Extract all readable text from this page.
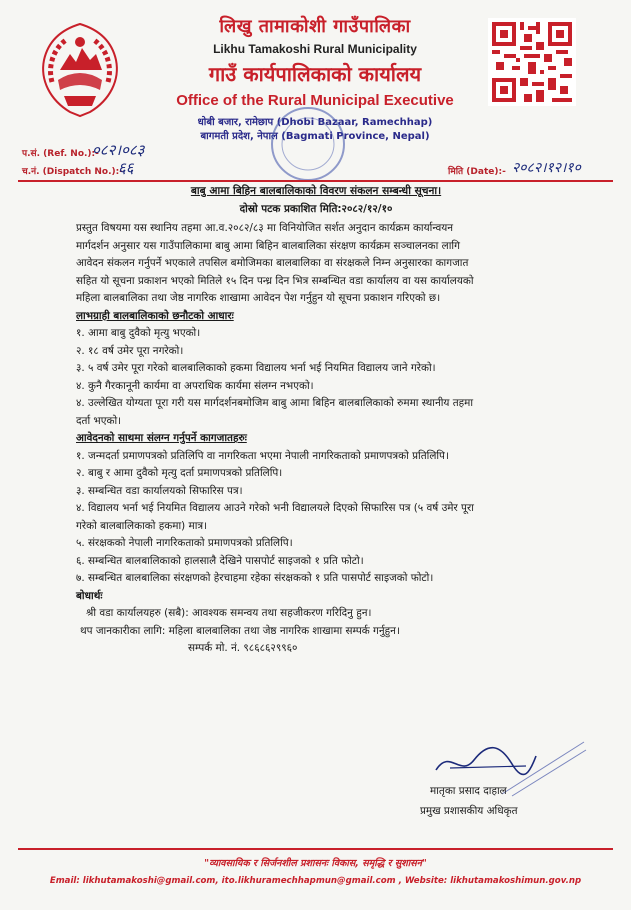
लिखु तामाकोशी गाउँपालिका
Likhu Tamakoshi Rural Municipality
गाउँ कार्यपालिकाको कार्यालय
Office of the Rural Municipal Executive
धोबी बजार, रामेछाप (Dhobi Bazaar, Ramechhap)
बागमती प्रदेश, नेपाल (Bagmati Province, Nepal)
प.सं. (Ref. No.):-
०८२।०८३
च.नं. (Dispatch No.):-
६६	मिति (Date):- २०८२।१२।१०
बाबु आमा बिहिन बालबालिकाको विवरण संकलन सम्बन्धी सूचना।
दोस्रो पटक प्रकाशित मिति:२०८२/१२/१०
प्रस्तुत विषयमा यस स्थानिय तहमा आ.व.२०८२/८३ मा विनियोजित सर्शत अनुदान कार्यक्रम कार्यान्वयन
मार्गदर्शन अनुसार यस गाउँपालिकामा बाबु आमा बिहिन बालबालिका संरक्षण कार्यक्रम सञ्चालनका लागि
आवेदन संकलन गर्नुपर्ने भएकाले तपसिल बमोजिमका बालबालिका वा संरक्षकले निम्न अनुसारका कागजात
सहित यो सूचना प्रकाशन भएको मितिले १५ दिन पन्ध्र दिन भित्र सम्बन्धित वडा कार्यालय वा यस कार्यालयको
महिला बालबालिका तथा जेष्ठ नागरिक शाखामा आवेदन पेश गर्नुहुन यो सूचना प्रकाशन गरिएको छ।
लाभग्राही बालबालिकाको छनौटको आधारः
१. आमा बाबु दुवैको मृत्यु भएको।
२. १८ वर्ष उमेर पूरा नगरेको।
३. ५ वर्ष उमेर पूरा गरेको बालबालिकाको हकमा विद्यालय भर्ना भई नियमित विद्यालय जाने गरेको।
४. कुनै गैरकानूनी कार्यमा वा अपराधिक कार्यमा संलग्न नभएको।
४. उल्लेखित योग्यता पूरा गरी यस मार्गदर्शनबमोजिम बाबु आमा बिहिन बालबालिकाको रुममा स्थानीय तहमा
दर्ता भएको।
आवेदनको साथमा संलग्न गर्नुपर्ने कागजातहरुः
१. जन्मदर्ता प्रमाणपत्रको प्रतिलिपि वा नागरिकता भएमा नेपाली नागरिकताको प्रमाणपत्रको प्रतिलिपि।
२. बाबु र आमा दुवैको मृत्यु दर्ता प्रमाणपत्रको प्रतिलिपि।
३. सम्बन्धित वडा कार्यालयको सिफारिस पत्र।
४. विद्यालय भर्ना भई नियमित विद्यालय आउने गरेको भनी विद्यालयले दिएको सिफारिस पत्र (५ वर्ष उमेर पूरा
गरेको बालबालिकाको हकमा) मात्र।
५. संरक्षकको नेपाली नागरिकताको प्रमाणपत्रको प्रतिलिपि।
६. सम्बन्धित बालबालिकाको हालसालै देखिने पासपोर्ट साइजको १ प्रति फोटो।
७. सम्बन्धित बालबालिका संरक्षणको हेरचाहमा रहेका संरक्षकको १ प्रति पासपोर्ट साइजको फोटो।
बोधार्थः
श्री वडा कार्यालयहरु (सबै): आवश्यक समन्वय तथा सहजीकरण गरिदिनु हुन।
थप जानकारीका लागि: महिला बालबालिका तथा जेष्ठ नागरिक शाखामा सम्पर्क गर्नुहुन।
सम्पर्क मो. नं. ९८६८६२९९६०
मातृका प्रसाद दाहाल
प्रमुख प्रशासकीय अधिकृत
"व्यावसायिक र सिर्जनशील प्रशासनः विकास, समृद्धि र सुशासन"
Email: likhutamakoshi@gmail.com, ito.likhuramechhapmun@gmail.com , Website: likhutamakoshimun.gov.np
